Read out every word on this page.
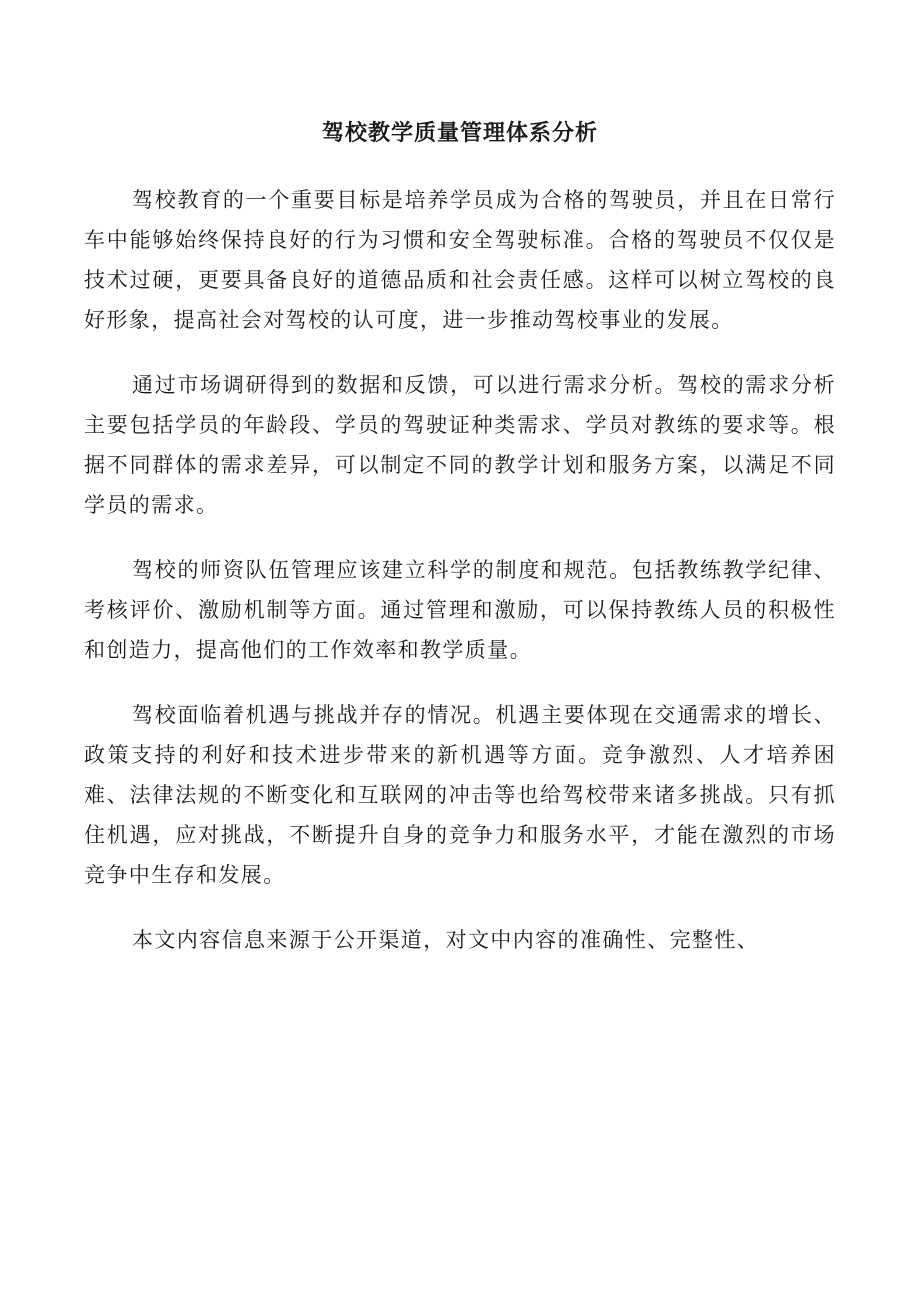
驾校教学质量管理体系分析

驾校教育的一个重要目标是培养学员成为合格的驾驶员，并且在日常行车中能够始终保持良好的行为习惯和安全驾驶标准。合格的驾驶员不仅仅是技术过硬，更要具备良好的道德品质和社会责任感。这样可以树立驾校的良好形象，提高社会对驾校的认可度，进一步推动驾校事业的发展。

通过市场调研得到的数据和反馈，可以进行需求分析。驾校的需求分析主要包括学员的年龄段、学员的驾驶证种类需求、学员对教练的要求等。根据不同群体的需求差异，可以制定不同的教学计划和服务方案，以满足不同学员的需求。

驾校的师资队伍管理应该建立科学的制度和规范。包括教练教学纪律、考核评价、激励机制等方面。通过管理和激励，可以保持教练人员的积极性和创造力，提高他们的工作效率和教学质量。

驾校面临着机遇与挑战并存的情况。机遇主要体现在交通需求的增长、政策支持的利好和技术进步带来的新机遇等方面。竞争激烈、人才培养困难、法律法规的不断变化和互联网的冲击等也给驾校带来诸多挑战。只有抓住机遇，应对挑战，不断提升自身的竞争力和服务水平，才能在激烈的市场竞争中生存和发展。

本文内容信息来源于公开渠道，对文中内容的准确性、完整性、
